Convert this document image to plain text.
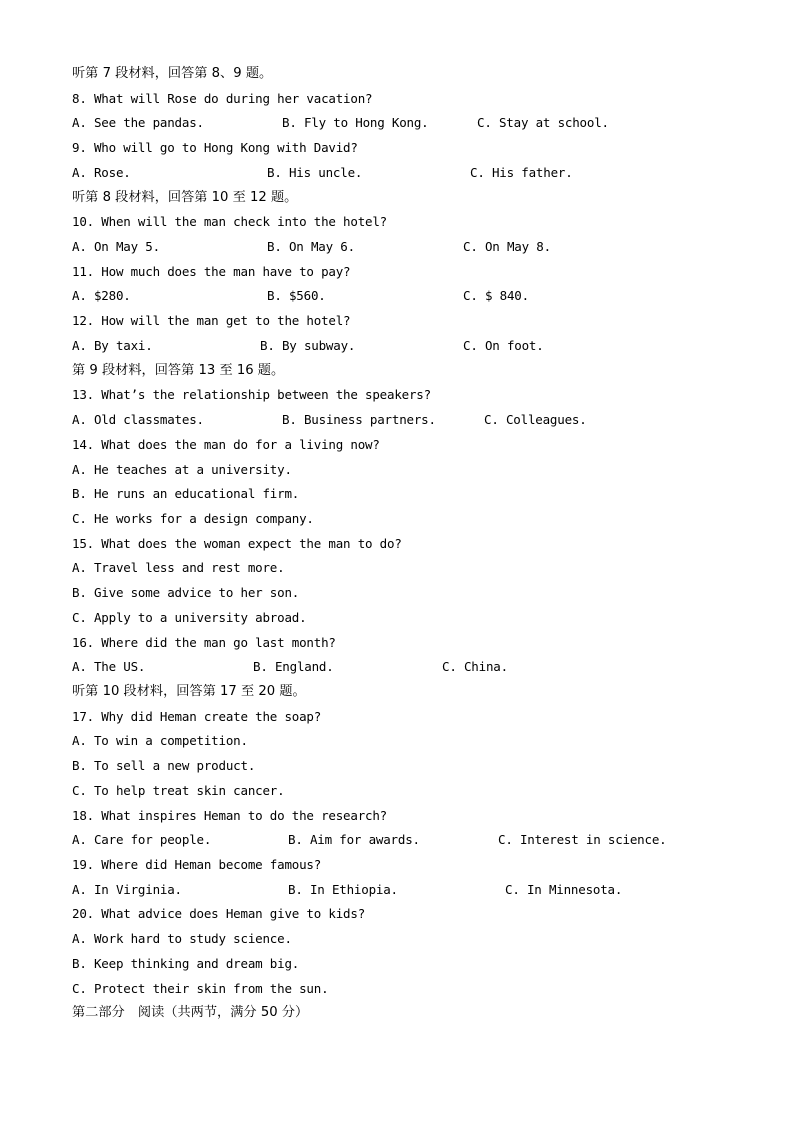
听第 7 段材料，回答第 8、9 题。
8. What will Rose do during her vacation?

A. See the pandas.

	B. Fly to Hong Kong.

	C. Stay at school.

9. Who will go to Hong Kong with David?

A. Rose.

	B. His uncle.

	C. His father.

听第 8 段材料，回答第 10 至 12 题。
10. When will the man check into the hotel?

A. On May 5.

	B. On May 6.

	C. On May 8.

11. How much does the man have to pay?

A. $280.

	B. $560.

	C. $ 840.

12. How will the man get to the hotel?

A. By taxi.

	B. By subway.

	C. On foot.

第 9 段材料，回答第 13 至 16 题。
13. What’s the relationship between the speakers?

A. Old classmates.

	B. Business partners.

	C. Colleagues.

14. What does the man do for a living now?
A. He teaches at a university.
B. He runs an educational firm.
C. He works for a design company.
15. What does the woman expect the man to do?
A. Travel less and rest more.
B. Give some advice to her son.
C. Apply to a university abroad.
16. Where did the man go last month?

A. The US.

	B. England.

	C. China.

听第 10 段材料，回答第 17 至 20 题。
17. Why did Heman create the soap?
A. To win a competition.
B. To sell a new product.
C. To help treat skin cancer.
18. What inspires Heman to do the research?

A. Care for people.

	B. Aim for awards.

	C. Interest in science.

19. Where did Heman become famous?

A. In Virginia.

	B. In Ethiopia.

	C. In Minnesota.

20. What advice does Heman give to kids?
A. Work hard to study science.
B. Keep thinking and dream big.
C. Protect their skin from the sun.
第二部分　阅读（共两节，满分 50 分）
